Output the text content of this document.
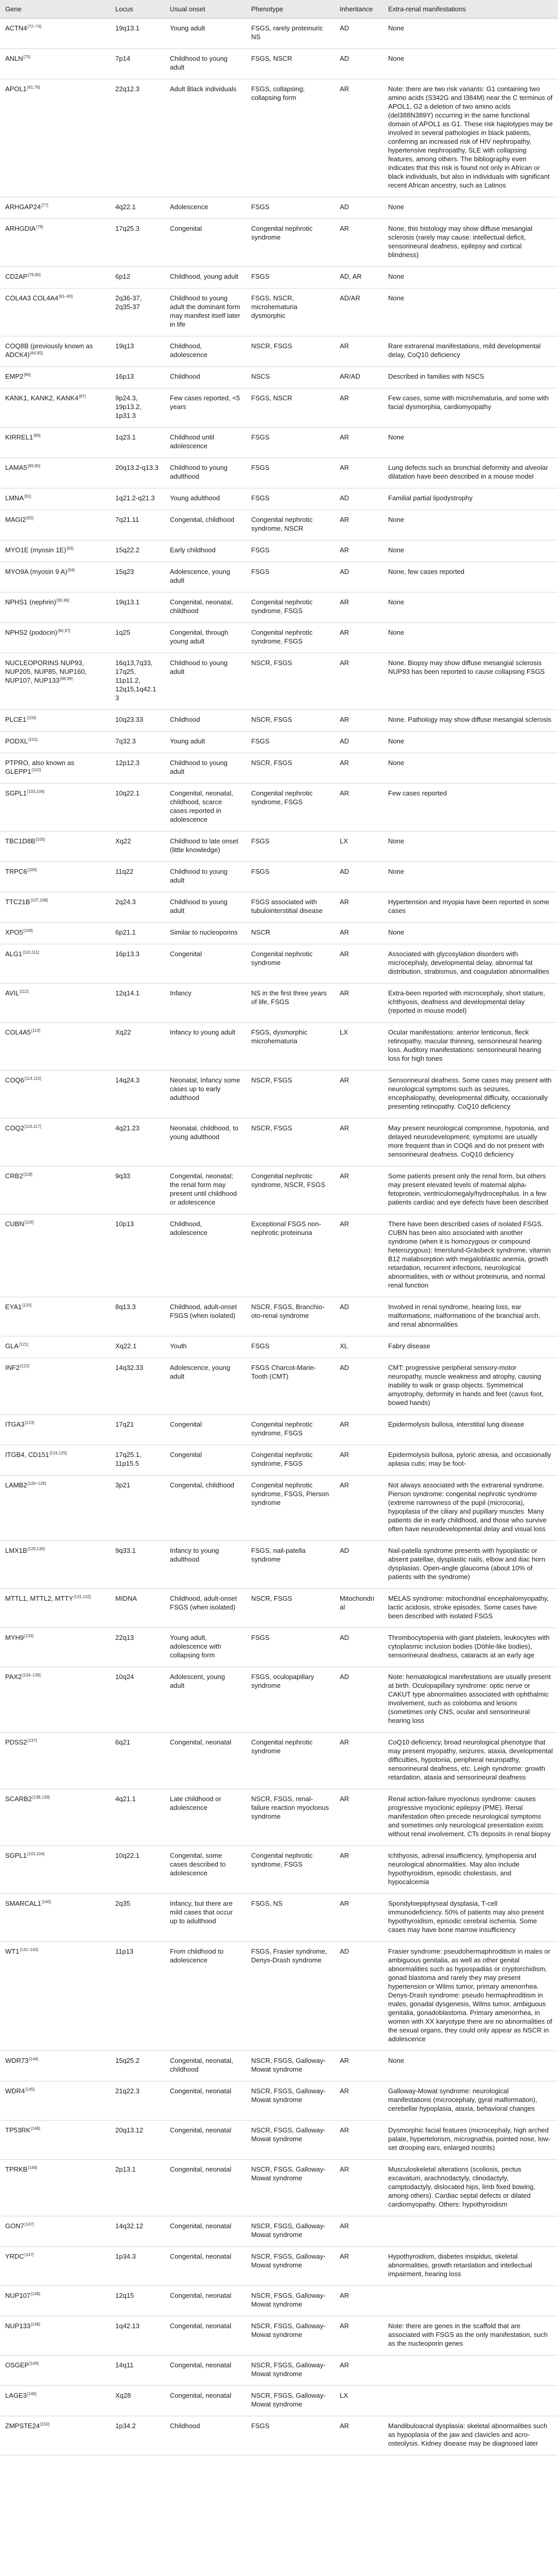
Gene	Locus	Usual onset	Phenotype	Inheritance	Extra-renal manifestations
ACTN4[72–74]	19q13.1	Young adult	FSGS, rarely proteinuric NS	AD	None
ANLN[75]	7p14	Childhood to young adult	FSGS, NSCR	AD	None
APOL1[61,76]	22q12.3	Adult Black individuals	FSGS, collapsing; collapsing form	AR	Note: there are two risk variants: G1 containing two amino acids (S342G and I384M) near the C terminus of APOL1, G2 a deletion of two amino acids (del388N389Y) occurring in the same functional domain of APOL1 as G1. These risk haplotypes may be involved in several pathologies in black patients, conferring an increased risk of HIV nephropathy, hypertensive nephropathy, SLE with collapsing features, among others. The bibliography even indicates that this risk is found not only in African or black individuals, but also in individuals with significant recent African ancestry, such as Latinos
ARHGAP24[77]	4q22.1	Adolescence	FSGS	AD	None
ARHGDIA[78]	17q25.3	Congenital	Congenital nephrotic syndrome	AR	None, this histology may show diffuse mesangial sclerosis (rarely may cause: intellectual deficit, sensorineural deafness, epilepsy and cortical blindness)
CD2AP[79,80]	6p12	Childhood, young adult	FSGS	AD, AR	None
COL4A3 COL4A4[81–83]	2q36-37, 2q35-37	Childhood to young adult the dominant form may manifest itself later in life	FSGS, NSCR, microhematuria dysmorphic	AD/AR	None
COQ8B (previously known as ADCK4)[84,85]	19q13	Childhood, adolescence	NSCR, FSGS	AR	Rare extrarenal manifestations, mild developmental delay, CoQ10 deficiency
EMP2[86]	16p13	Childhood	NSCS	AR/AD	Described in families with NSCS
KANK1, KANK2, KANK4[87]	9p24.3, 19p13.2, 1p31.3	Few cases reported, <5 years	FSGS, NSCR	AR	Few cases, some with microhematuria, and some with facial dysmorphia, cardiomyopathy
KIRREL1[88]	1q23.1	Childhood until adolescence	FSGS	AR	None
LAMA5[89,90]	20q13.2-q13.3	Childhood to young adulthood	FSGS	AR	Lung defects such as bronchial deformity and alveolar dilatation have been described in a mouse model
LMNA[91]	1q21.2-q21.3	Young adulthood	FSGS	AD	Familial partial lipodystrophy
MAGI2[92]	7q21.11	Congenital, childhood	Congenital nephrotic syndrome, NSCR	AR	None
MYO1E (myosin 1E)[93]	15q22.2	Early childhood	FSGS	AR	None
MYO9A (myosin 9 A)[94]	15q23	Adolescence, young adult	FSGS	AD	None, few cases reported
NPHS1 (nephrin)[95,96]	19q13.1	Congenital, neonatal, childhood	Congenital nephrotic syndrome, FSGS	AR	None
NPHS2 (podocin)[80,97]	1q25	Congenital, through young adult	Congenital nephrotic syndrome, FSGS	AR	None
NUCLEOPORINS NUP93, NUP205, NUP85, NUP160, NUP107, NUP133[98,99]	16q13,7q33, 17q25, 11p11.2, 12q15,1q42.13	Childhood to young adult	NSCR, FSGS	AR	None. Biopsy may show diffuse mesangial sclerosis NUP93 has been reported to cause collapsing FSGS
PLCE1[100]	10q23.33	Childhood	NSCR, FSGS	AR	None. Pathology may show diffuse mesangial sclerosis
PODXL[101]	7q32.3	Young adult	FSGS	AD	None
PTPRO, also known as GLEPP1[102]	12p12.3	Childhood to young adult	NSCR, FSGS	AR	None
SGPL1[103,104]	10q22.1	Congenital, neonatal, childhood, scarce cases reported in adolescence	Congenital nephrotic syndrome, FSGS	AR	Few cases reported
TBC1D8B[105]	Xq22	Childhood to late onset (little knowledge)	FSGS	LX	None
TRPC6[106]	11q22	Childhood to young adult	FSGS	AD	None
TTC21B[107,108]	2q24.3	Childhood to young adult	FSGS associated with tubulointerstitial disease	AR	Hypertension and myopia have been reported in some cases
XPO5[109]	6p21.1	Similar to nucleoporins	NSCR	AR	None
ALG1[110,111]	16p13.3	Congenital	Congenital nephrotic syndrome	AR	Associated with glycosylation disorders with microcephaly, developmental delay, abnormal fat distribution, strabismus, and coagulation abnormalities
AVIL[112]	12q14.1	Infancy	NS in the first three years of life, FSGS	AR	Extra-been reported with microcephaly, short stature, ichthyosis, deafness and developmental delay (reported in mouse model)
COL4A5[113]	Xq22	Infancy to young adult	FSGS, dysmorphic microhematuria	LX	Ocular manifestations: anterior lenticonus, fleck retinopathy, macular thinning, sensorineural hearing loss. Auditory manifestations: sensorineural hearing loss for high tones
COQ6[114,115]	14q24.3	Neonatal, Infancy some cases up to early adulthood	NSCR, FSGS	AR	Sensorineural deafness. Some cases may present with neurological symptoms such as seizures, encephalopathy, developmental difficulty, occasionally presenting retinopathy. CoQ10 deficiency
COQ2[116,117]	4q21.23	Neonatal, childhood, to young adulthood	NSCR, FSGS	AR	May present neurological compromise, hypotonia, and delayed neurodevelopment; symptoms are usually more frequent than in COQ6 and do not present with sensorineural deafness. CoQ10 deficiency
CRB2[118]	9q33	Congenital, neonatal; the renal form may present until childhood or adolescence	Congenital nephrotic syndrome, NSCR, FSGS	AR	Some patients present only the renal form, but others may present elevated levels of maternal alpha-fetoprotein, ventriculomegaly/hydrocephalus. In a few patients cardiac and eye defects have been described
CUBN[119]	10p13	Childhood, adolescence	Exceptional FSGS non-nephrotic proteinuria	AR	There have been described cases of isolated FSGS. CUBN has been also associated with another syndrome (when it is homozygous or compound heterozygous): Imerslund-Gräsbeck syndrome, vitamin B12 malabsorption with megaloblastic anemia, growth retardation, recurrent infections, neurological abnormalities, with or without proteinuria, and normal renal function
EYA1[120]	8q13.3	Childhood, adult-onset FSGS (when isolated)	NSCR, FSGS, Branchio-oto-renal syndrome	AD	Involved in renal syndrome, hearing loss, ear malformations, malformations of the branchial arch, and renal abnormalities
GLA[121]	Xq22.1	Youth	FSGS	XL	Fabry disease
INF2[122]	14q32.33	Adolescence, young adult	FSGS Charcot-Marie-Tooth (CMT)	AD	CMT: progressive peripheral sensory-motor neuropathy, muscle weakness and atrophy, causing inability to walk or grasp objects. Symmetrical amyotrophy, deformity in hands and feet (cavus foot, bowed hands)
ITGA3[123]	17q21	Congenital	Congenital nephrotic syndrome, FSGS	AR	Epidermolysis bullosa, interstitial lung disease
ITGB4, CD151[124,125]	17q25.1, 11p15.5	Congenital	Congenital nephrotic syndrome, FSGS	AR	Epidermolysis bullosa, pyloric atresia, and occasionally aplasia cutis; may be foot-
LAMB2[126–128]	3p21	Congenital, childhood	Congenital nephrotic syndrome, FSGS, Pierson syndrome	AR	Not always associated with the extrarenal syndrome. Pierson syndrome: congenital nephrotic syndrome (extreme narrowness of the pupil (microcoria), hypoplasia of the ciliary and pupillary muscles. Many patients die in early childhood, and those who survive often have neurodevelopmental delay and visual loss
LMX1B[129,130]	9q33.1	Infancy to young adulthood	FSGS, nail-patella syndrome	AD	Nail-patella syndrome presents with hypoplastic or absent patellae, dysplastic nails, elbow and iliac horn dysplasias. Open-angle glaucoma (about 10% of patients with the syndrome)
MTTL1, MTTL2, MTTY[131,132]	MIDNA	Childhood, adult-onset FSGS (when isolated)	NSCR, FSGS	Mitochondrial	MELAS syndrome: mitochondrial encephalomyopathy, lactic acidosis, stroke episodes. Some cases have been described with isolated FSGS
MYH9[133]	22q13	Young adult, adolescence with collapsing form	FSGS	AD	Thrombocytopenia with giant platelets, leukocytes with cytoplasmic inclusion bodies (Döhle-like bodies), sensorineural deafness, cataracts at an early age
PAX2[134–136]	10q24	Adolescent, young adult	FSGS, oculopapillary syndrome	AD	Note: hematological manifestations are usually present at birth. Oculopapillary syndrome: optic nerve or CAKUT type abnormalities associated with ophthalmic involvement, such as coloboma and lesions (sometimes only CNS, ocular and sensorineural hearing loss
PDSS2[137]	6q21	Congenital, neonatal	Congenital nephrotic syndrome	AR	CoQ10 deficiency, broad neurological phenotype that may present myopathy, seizures, ataxia, developmental difficulties, hypotonia, peripheral neuropathy, sensorineural deafness, etc. Leigh syndrome: growth retardation, ataxia and sensorineural deafness
SCARB2[138,139]	4q21.1	Late childhood or adolescence	NSCR, FSGS, renal-failure reaction myoclonus syndrome	AR	Renal action-failure myoclonus syndrome: causes progressive myoclonic epilepsy (PME). Renal manifestation often precede neurological symptoms and sometimes only neurological presentation exists without renal involvement. CTs deposits in renal biopsy
SGPL1[103,104]	10q22.1	Congenital, some cases described to adolescence	Congenital nephrotic syndrome, FSGS	AR	Ichthyosis, adrenal insufficiency, lymphopenia and neurological abnormalities. May also include hypothyroidism, episodic cholestasis, and hypocalcemia
SMARCAL1[140]	2q35	Infancy, but there are mild cases that occur up to adulthood	FSGS, NS	AR	Spondyloepiphyseal dysplasia, T-cell immunodeficiency. 50% of patients may also present hypothyroidism, episodic cerebral ischemia. Some cases may have bone marrow insufficiency
WT1[141–143]	11p13	From childhood to adolescence	FSGS, Frasier syndrome, Denys-Drash syndrome	AD	Frasier syndrome: pseudohermaphroditism in males or ambiguous genitalia, as well as other genital abnormalities such as hypospadias or cryptorchidism, gonad blastoma and rarely they may present hypertension or Wilms tumor, primary amenorrhea. Denys-Drash syndrome: pseudo hermaphroditism in males, gonadal dysgenesis, Wilms tumor, ambiguous genitalia, gonadoblastoma. Primary amenorrhea, in women with XX karyotype there are no abnormalities of the sexual organs, they could only appear as NSCR in adolescence
WDR73[144]	15q25.2	Congenital, neonatal, childhood	NSCR, FSGS, Galloway-Mowat syndrome	AR	None
WDR4[145]	21q22.3	Congenital, neonatal	NSCR, FSGS, Galloway-Mowat syndrome	AR	Galloway-Mowat syndrome: neurological manifestations (microcephaly, gyral malformation), cerebellar hypoplasia, ataxia, behavioral changes
TP53RK[146]	20q13.12	Congenital, neonatal	NSCR, FSGS, Galloway-Mowat syndrome	AR	Dysmorphic facial features (microcephaly, high arched palate, hypertelorism, micrognathia, pointed nose, low-set drooping ears, enlarged nostrils)
TPRKB[146]	2p13.1	Congenital, neonatal	NSCR, FSGS, Galloway-Mowat syndrome	AR	Musculoskeletal alterations (scoliosis, pectus excavatum, arachnodactyly, clinodactyly, camptodactyly, dislocated hips, limb fixed bowing, among others). Cardiac septal defects or dilated cardiomyopathy. Others: hypothyroidism
GON7[147]	14q32.12	Congenital, neonatal	NSCR, FSGS, Galloway-Mowat syndrome	AR	
YRDC[147]	1p34.3	Congenital, neonatal	NSCR, FSGS, Galloway-Mowat syndrome	AR	Hypothyroidism, diabetes insipidus, skeletal abnormalities, growth retardation and intellectual impairment, hearing loss
NUP107[148]	12q15	Congenital, neonatal	NSCR, FSGS, Galloway-Mowat syndrome	AR	
NUP133[148]	1q42.13	Congenital, neonatal	NSCR, FSGS, Galloway-Mowat syndrome	AR	Note: there are genes in the scaffold that are associated with FSGS as the only manifestation, such as the nucleoporin genes
OSGEP[149]	14q11	Congenital, neonatal	NSCR, FSGS, Galloway-Mowat syndrome	AR	
LAGE3[146]	Xq28	Congenital, neonatal	NSCR, FSGS, Galloway-Mowat syndrome	LX	
ZMPSTE24[150]	1p34.2	Childhood	FSGS	AR	Mandibuloacral dysplasia: skeletal abnormalities such as hypoplasia of the jaw and clavicles and acro-osteolysis. Kidney disease may be diagnosed later
